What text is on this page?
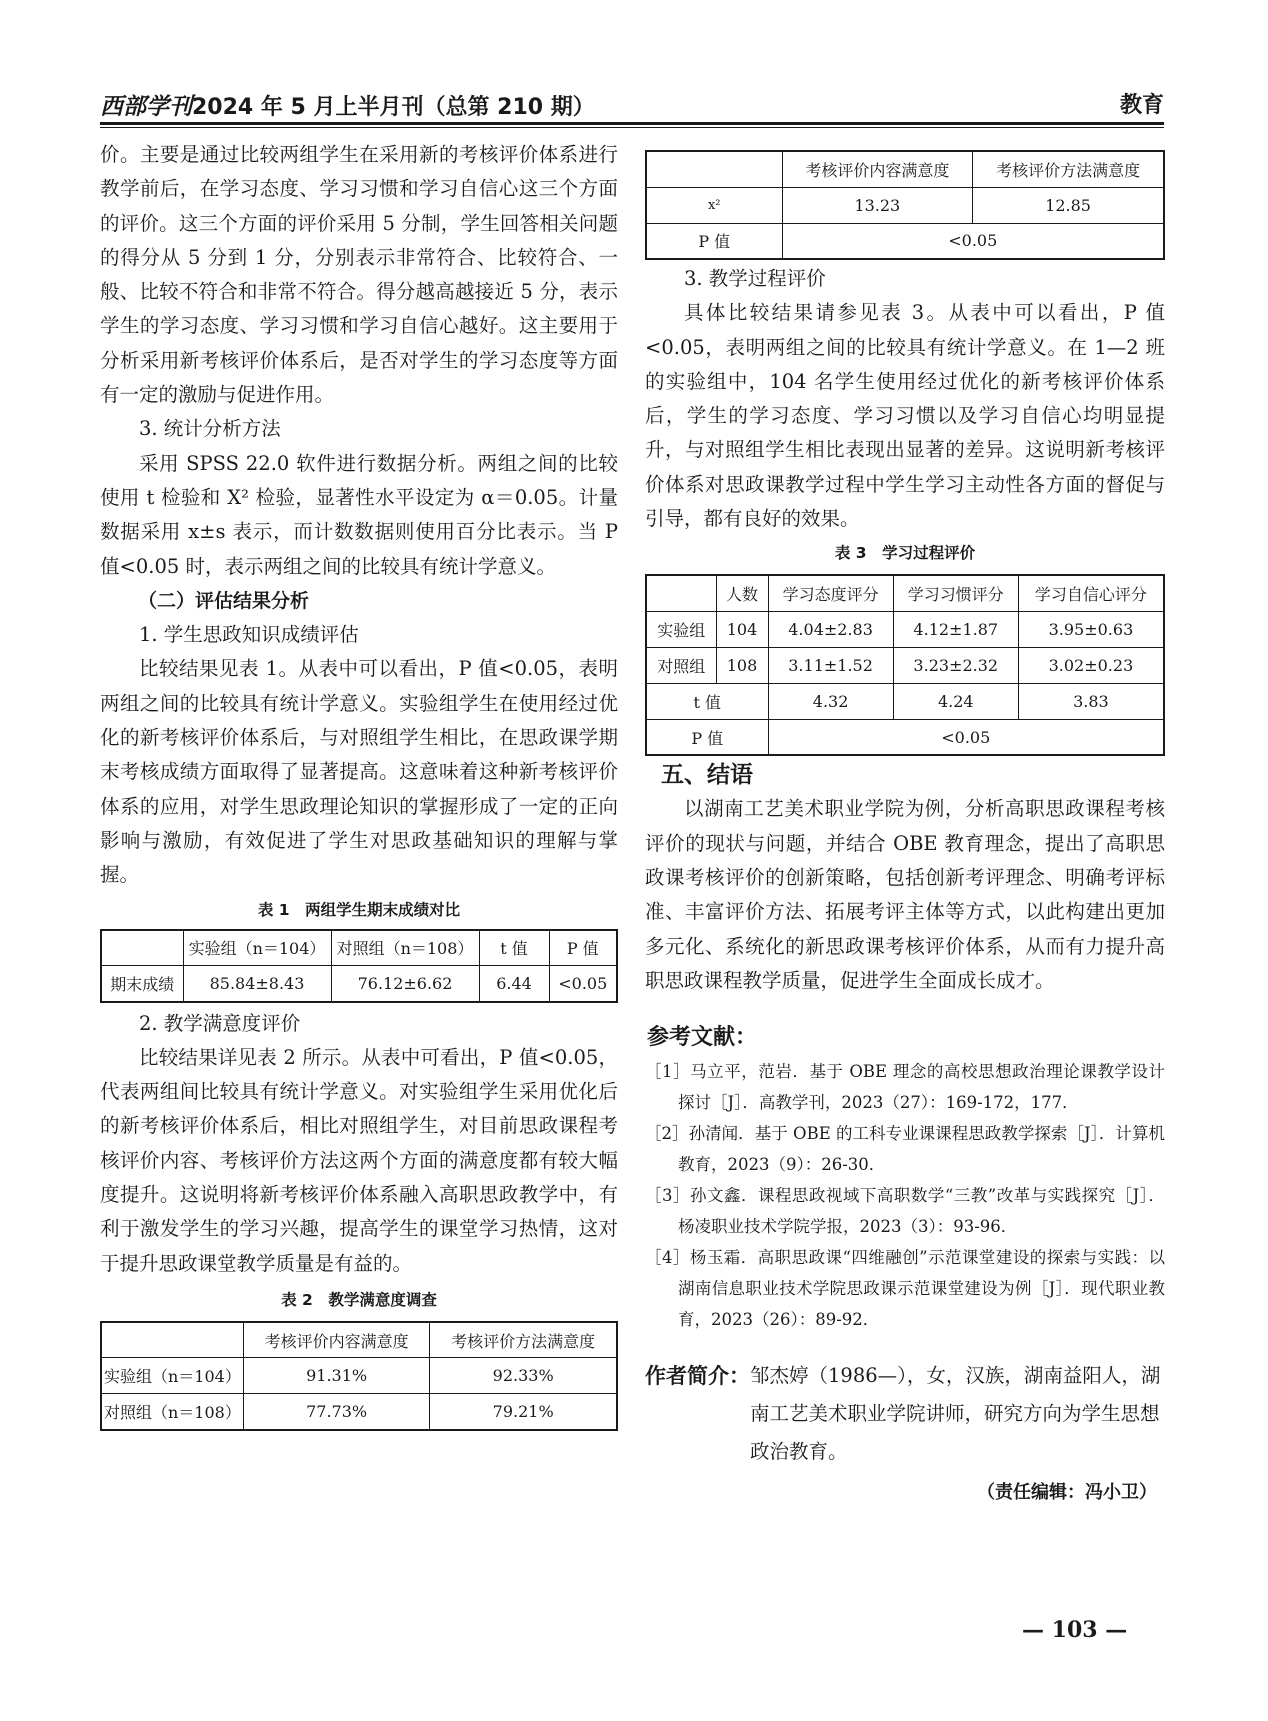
西部学刊2024 年 5 月上半月刊（总第 210 期）	教育

价。主要是通过比较两组学生在采用新的考核评价体系进行教学前后，在学习态度、学习习惯和学习自信心这三个方面的评价。这三个方面的评价采用 5 分制，学生回答相关问题的得分从 5 分到 1 分，分别表示非常符合、比较符合、一般、比较不符合和非常不符合。得分越高越接近 5 分，表示学生的学习态度、学习习惯和学习自信心越好。这主要用于分析采用新考核评价体系后，是否对学生的学习态度等方面有一定的激励与促进作用。

3. 统计分析方法

采用 SPSS 22.0 软件进行数据分析。两组之间的比较使用 t 检验和 X² 检验，显著性水平设定为 α＝0.05。计量数据采用 x±s 表示，而计数数据则使用百分比表示。当 P 值<0.05 时，表示两组之间的比较具有统计学意义。

（二）评估结果分析

1. 学生思政知识成绩评估

比较结果见表 1。从表中可以看出，P 值<0.05，表明两组之间的比较具有统计学意义。实验组学生在使用经过优化的新考核评价体系后，与对照组学生相比，在思政课学期末考核成绩方面取得了显著提高。这意味着这种新考核评价体系的应用，对学生思政理论知识的掌握形成了一定的正向影响与激励，有效促进了学生对思政基础知识的理解与掌握。

表 1　两组学生期末成绩对比
	实验组（n＝104）	对照组（n＝108）	t 值	P 值
期末成绩	85.84±8.43	76.12±6.62	6.44	<0.05

2. 教学满意度评价

比较结果详见表 2 所示。从表中可看出，P 值<0.05，代表两组间比较具有统计学意义。对实验组学生采用优化后的新考核评价体系后，相比对照组学生，对目前思政课程考核评价内容、考核评价方法这两个方面的满意度都有较大幅度提升。这说明将新考核评价体系融入高职思政教学中，有利于激发学生的学习兴趣，提高学生的课堂学习热情，这对于提升思政课堂教学质量是有益的。

表 2　教学满意度调查
	考核评价内容满意度	考核评价方法满意度
实验组（n＝104）	91.31%	92.33%
对照组（n＝108）	77.73%	79.21%
	考核评价内容满意度	考核评价方法满意度
x²	13.23	12.85
P 值	<0.05	

3. 教学过程评价

具体比较结果请参见表 3。从表中可以看出，P 值<0.05，表明两组之间的比较具有统计学意义。在 1—2 班的实验组中，104 名学生使用经过优化的新考核评价体系后，学生的学习态度、学习习惯以及学习自信心均明显提升，与对照组学生相比表现出显著的差异。这说明新考核评价体系对思政课教学过程中学生学习主动性各方面的督促与引导，都有良好的效果。

表 3　学习过程评价
	人数	学习态度评分	学习习惯评分	学习自信心评分
实验组	104	4.04±2.83	4.12±1.87	3.95±0.63
对照组	108	3.11±1.52	3.23±2.32	3.02±0.23
t 值		4.32	4.24	3.83
P 值		<0.05		
五、结语

以湖南工艺美术职业学院为例，分析高职思政课程考核评价的现状与问题，并结合 OBE 教育理念，提出了高职思政课考核评价的创新策略，包括创新考评理念、明确考评标准、丰富评价方法、拓展考评主体等方式，以此构建出更加多元化、系统化的新思政课考核评价体系，从而有力提升高职思政课程教学质量，促进学生全面成长成才。

参考文献：

［1］马立平，范岩．基于 OBE 理念的高校思想政治理论课教学设计探讨［J］．高教学刊，2023（27）：169-172，177．

［2］孙清闻．基于 OBE 的工科专业课课程思政教学探索［J］．计算机教育，2023（9）：26-30．

［3］孙文鑫．课程思政视域下高职数学“三教”改革与实践探究［J］．杨凌职业技术学院学报，2023（3）：93-96．

［4］杨玉霜．高职思政课“四维融创”示范课堂建设的探索与实践：以湖南信息职业技术学院思政课示范课堂建设为例［J］．现代职业教育，2023（26）：89-92．

作者简介： 邹杰婷（1986—），女，汉族，湖南益阳人，湖南工艺美术职业学院讲师，研究方向为学生思想政治教育。
（责任编辑：冯小卫）
— 103 —
